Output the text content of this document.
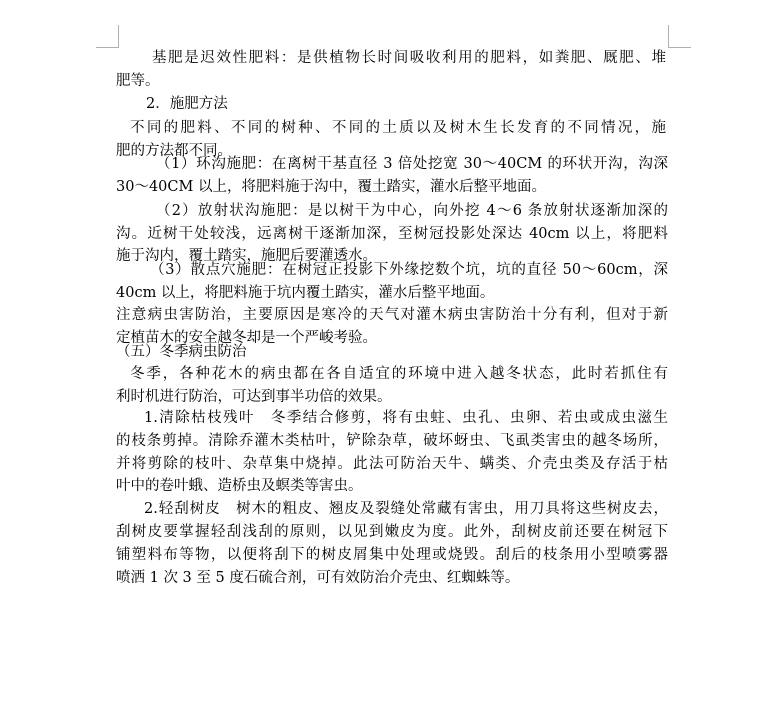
基肥是迟效性肥料：是供植物长时间吸收利用的肥料，如粪肥、厩肥、堆
肥等。
2．施肥方法
不同的肥料、不同的树种、不同的土质以及树木生长发育的不同情况，施
肥的方法都不同。
（1）环沟施肥：在离树干基直径 3 倍处挖宽 30～40CM 的环状开沟，沟深
30～40CM 以上，将肥料施于沟中，覆土踏实，灌水后整平地面。
（2）放射状沟施肥：是以树干为中心，向外挖 4～6 条放射状逐渐加深的
沟。近树干处较浅，远离树干逐渐加深，至树冠投影处深达 40cm 以上，将肥料
施于沟内，覆土踏实，施肥后要灌透水。
（3）散点穴施肥：在树冠正投影下外缘挖数个坑，坑的直径 50～60cm，深
40cm 以上，将肥料施于坑内覆土踏实，灌水后整平地面。
注意病虫害防治，主要原因是寒冷的天气对灌木病虫害防治十分有利，但对于新
定植苗木的安全越冬却是一个严峻考验。
（五）冬季病虫防治
冬季，各种花木的病虫都在各自适宜的环境中进入越冬状态，此时若抓住有
利时机进行防治，可达到事半功倍的效果。
1.清除枯枝残叶　冬季结合修剪，将有虫蛀、虫孔、虫卵、若虫或成虫滋生
的枝条剪掉。清除乔灌木类枯叶，铲除杂草，破坏蚜虫、飞虱类害虫的越冬场所，
并将剪除的枝叶、杂草集中烧掉。此法可防治天牛、螨类、介壳虫类及存活于枯
叶中的卷叶蛾、造桥虫及螟类等害虫。
2.轻刮树皮　树木的粗皮、翘皮及裂缝处常藏有害虫，用刀具将这些树皮去，
刮树皮要掌握轻刮浅刮的原则，以见到嫩皮为度。此外，刮树皮前还要在树冠下
铺塑料布等物，以便将刮下的树皮屑集中处理或烧毁。刮后的枝条用小型喷雾器
喷洒 1 次 3 至 5 度石硫合剂，可有效防治介壳虫、红蜘蛛等。
